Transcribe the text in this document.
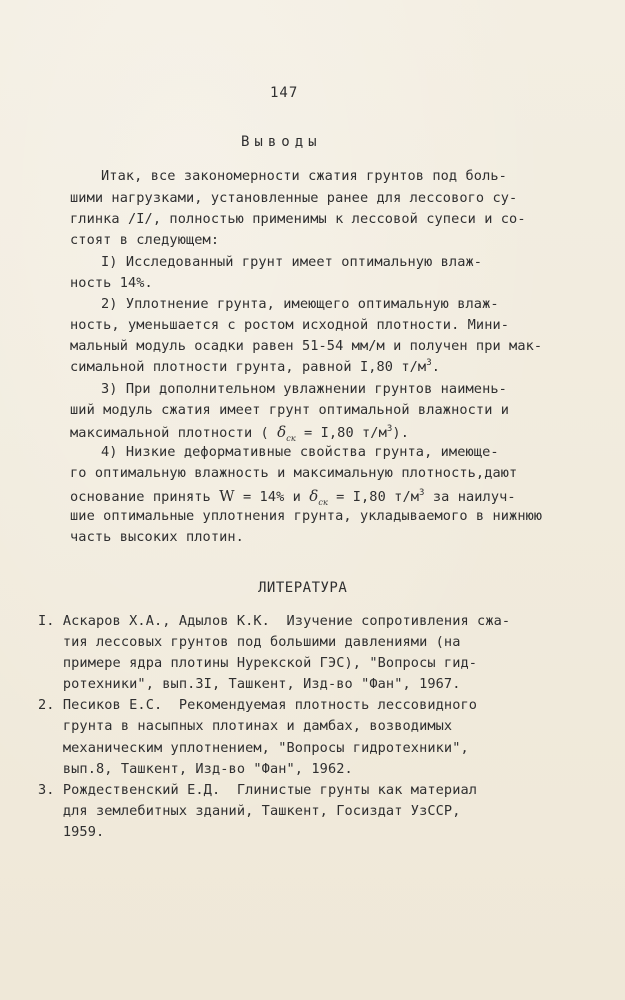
147
Выводы
Итак, все закономерности сжатия грунтов под боль-
шими нагрузками, установленные ранее для лессового су-
глинка /I/, полностью применимы к лессовой супеси и со-
стоят в следующем:
I) Исследованный грунт имеет оптимальную влаж-
ность 14%.
2) Уплотнение грунта, имеющего оптимальную влаж-
ность, уменьшается с ростом исходной плотности. Мини-
мальный модуль осадки равен 51-54 мм/м и получен при мак-
симальной плотности грунта, равной I,80 $т/м^3$.
3) При дополнительном увлажнении грунтов наимень-
ший модуль сжатия имеет грунт оптимальной влажности и
максимальной плотности ( $\delta_{ск} = I,80$ $т/м^3$).
4) Низкие деформативные свойства грунта, имеюще-
го оптимальную влажность и максимальную плотность,дают
основание принять W = 14% и $\delta_{ск} = I,80$ $т/м^3$ за наилуч-
шие оптимальные уплотнения грунта, укладываемого в нижнюю
часть высоких плотин.
ЛИТЕРАТУРА
I. Аскаров Х.А., Адылов К.К.  Изучение сопротивления сжа-
тия лессовых грунтов под большими давлениями (на
примере ядра плотины Нурекской ГЭС), "Вопросы гид-
ротехники", вып.3I, Ташкент, Изд-во "Фан", 1967.
2. Песиков Е.С.  Рекомендуемая плотность лессовидного
грунта в насыпных плотинах и дамбах, возводимых
механическим уплотнением, "Вопросы гидротехники",
вып.8, Ташкент, Изд-во "Фан", 1962.
3. Рождественский Е.Д.  Глинистые грунты как материал
для землебитных зданий, Ташкент, Госиздат УзССР,
1959.
